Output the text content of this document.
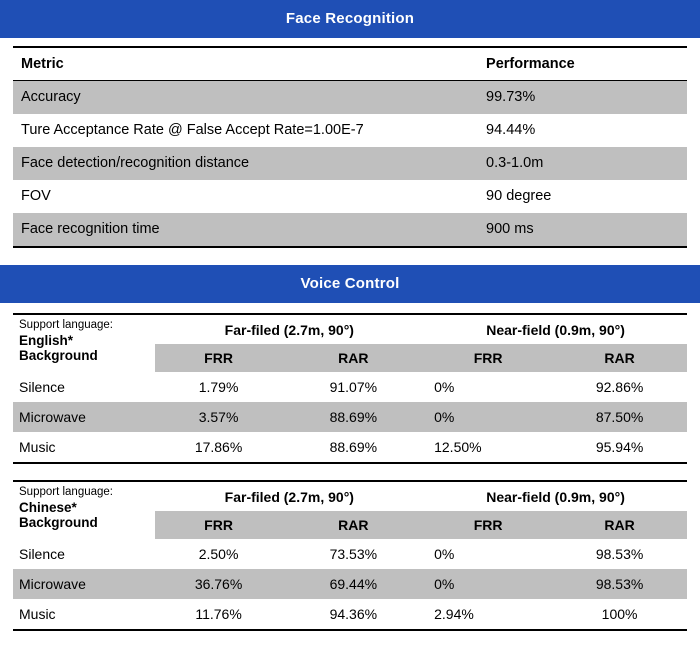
Face Recognition
Metric	Performance
Accuracy	99.73%
Ture Acceptance Rate @ False Accept Rate=1.00E-7	94.44%
Face detection/recognition distance	0.3-1.0m
FOV	90 degree
Face recognition time	900 ms
Voice Control
Support language:
English*
Background	Far-filed (2.7m, 90°)		Near-field (0.9m, 90°)	
	FRR	RAR	FRR	RAR
Silence	1.79%	91.07%	0%	92.86%
Microwave	3.57%	88.69%	0%	87.50%
Music	17.86%	88.69%	12.50%	95.94%
Support language:
Chinese*
Background	Far-filed (2.7m, 90°)		Near-field (0.9m, 90°)	
	FRR	RAR	FRR	RAR
Silence	2.50%	73.53%	0%	98.53%
Microwave	36.76%	69.44%	0%	98.53%
Music	11.76%	94.36%	2.94%	100%
